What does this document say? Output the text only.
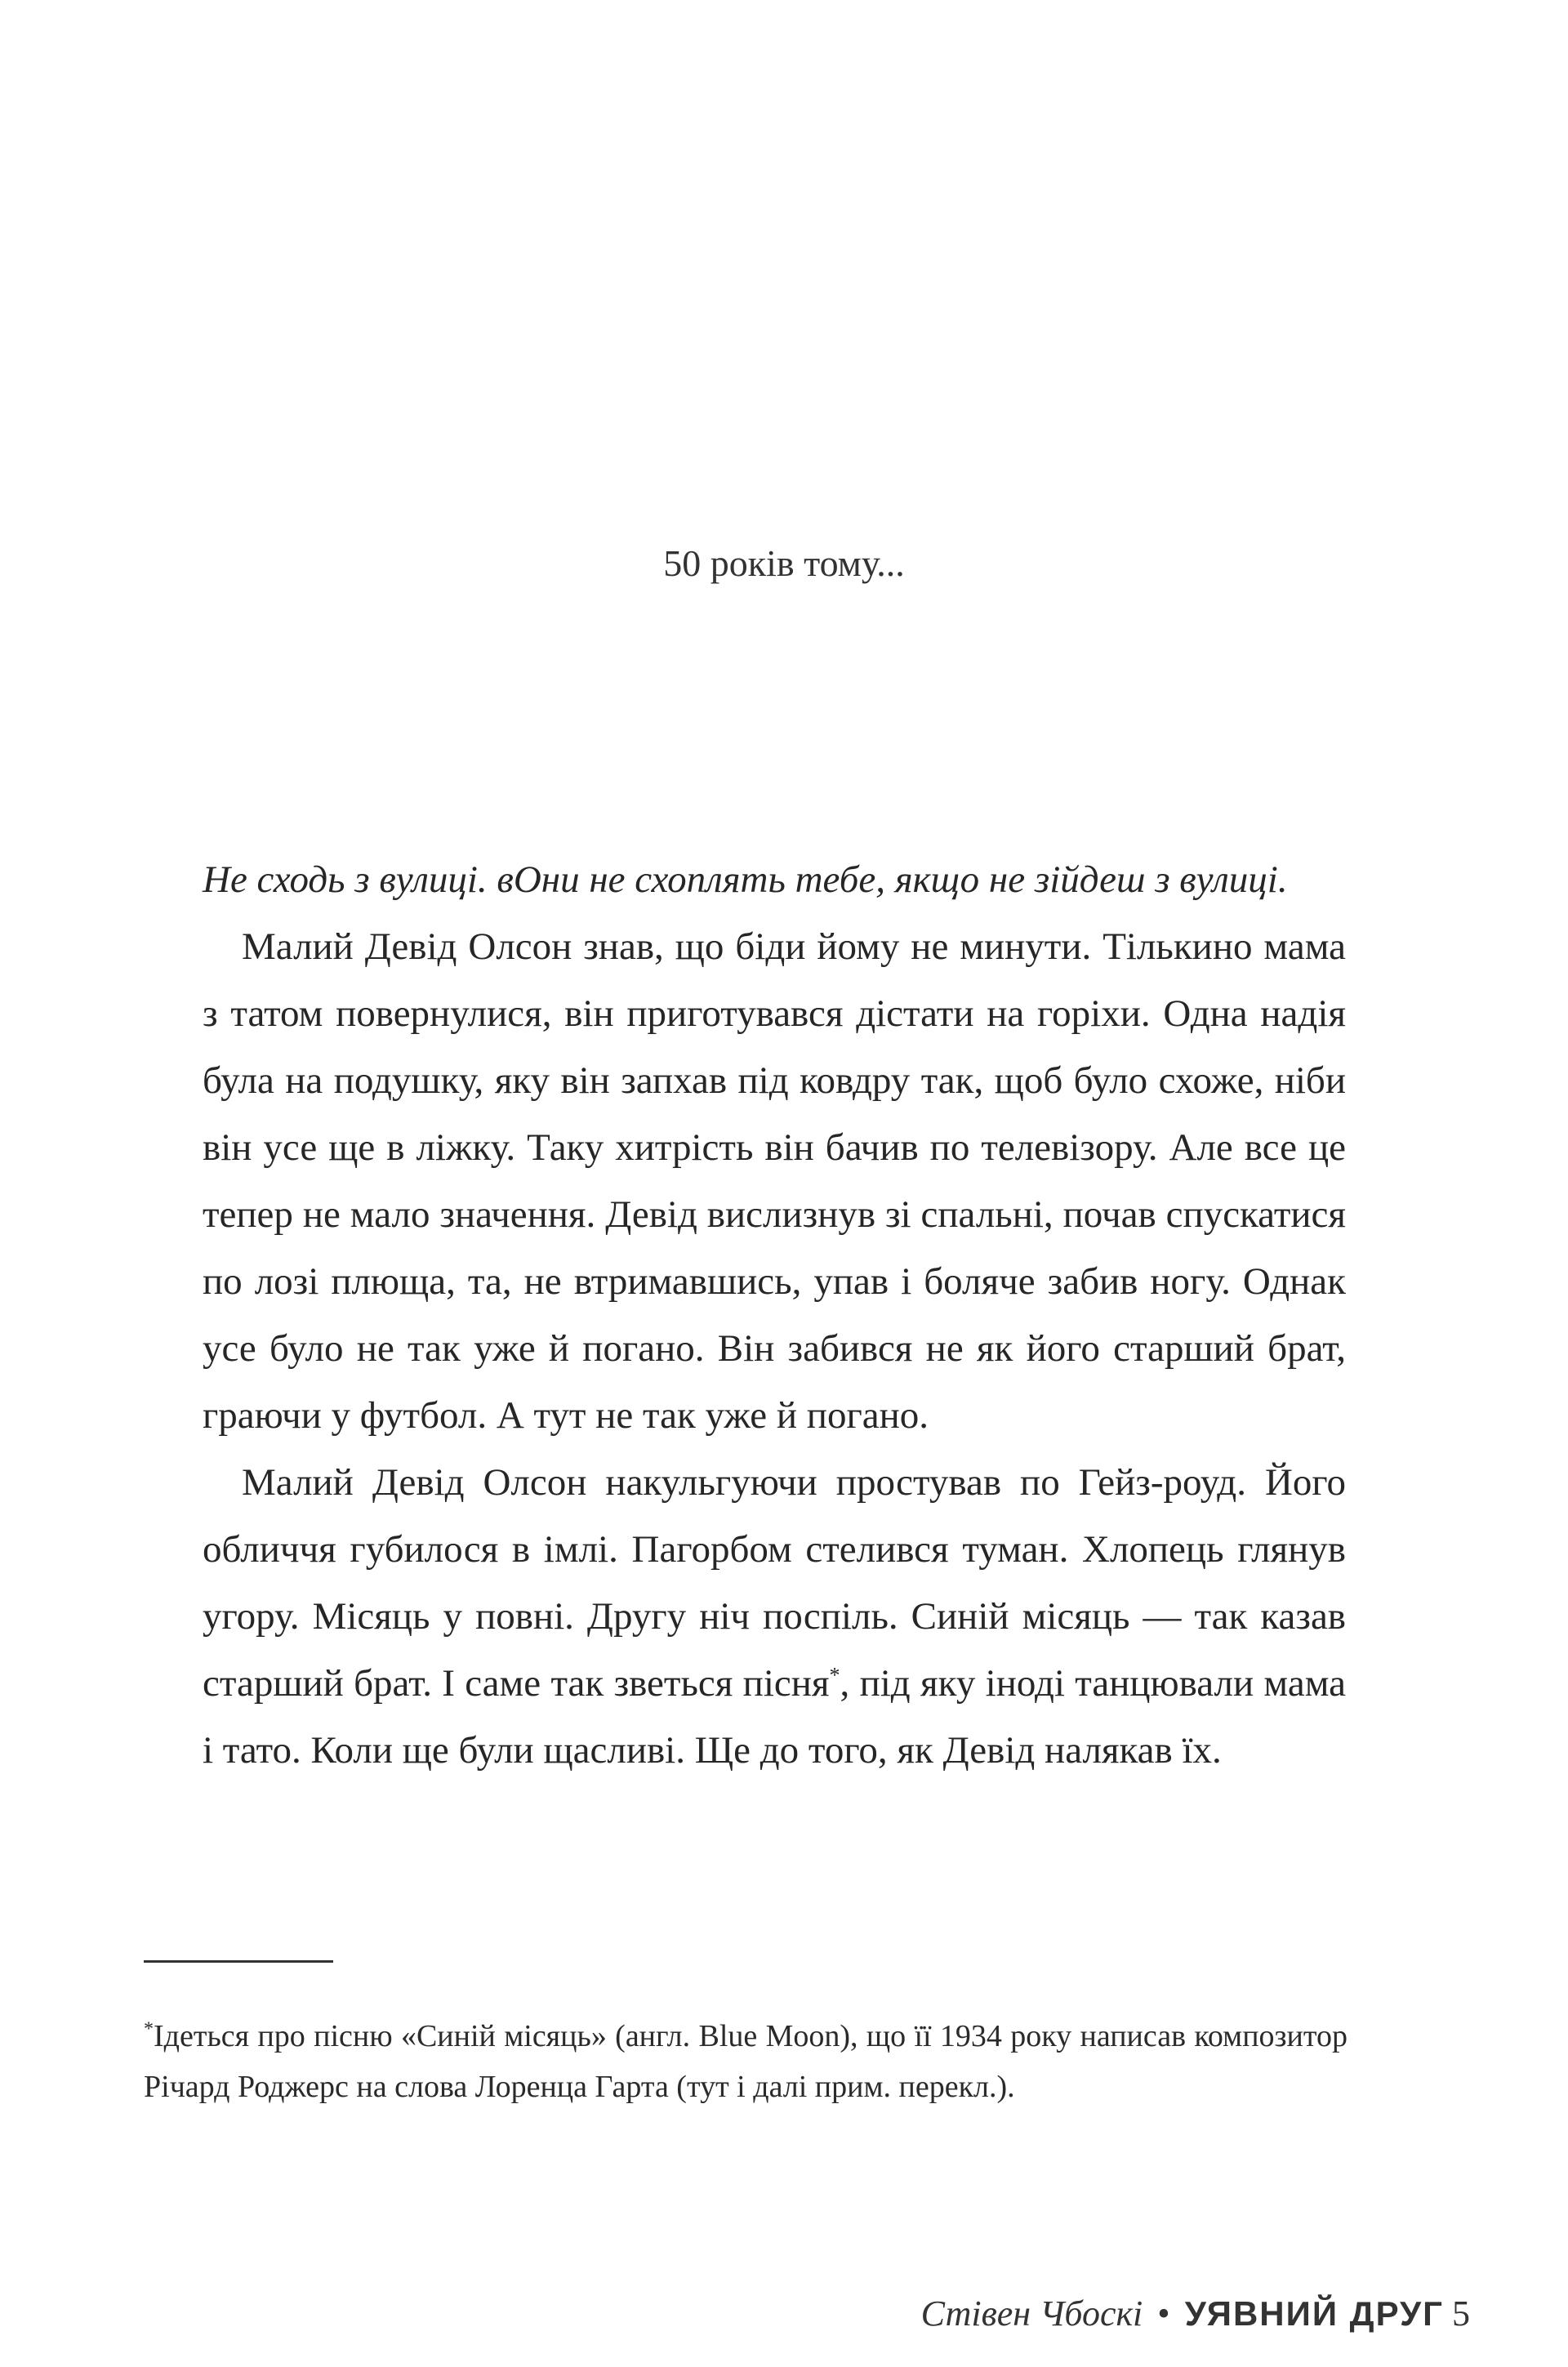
50 років тому...

Не сходь з вулиці. вОни не схоплять тебе, якщо не зійдеш з вулиці.

Малий Девід Олсон знав, що біди йому не минути. Тількино мама з татом повернулися, він приготувався дістати на горіхи. Одна надія була на подушку, яку він запхав під ковдру так, щоб було схоже, ніби він усе ще в ліжку. Таку хитрість він бачив по телевізору. Але все це тепер не мало значення. Девід вислизнув зі спальні, почав спускатися по лозі плюща, та, не втримавшись, упав і боляче забив ногу. Однак усе було не так уже й погано. Він забився не як його старший брат, граючи у футбол. А тут не так уже й погано.

Малий Девід Олсон накульгуючи простував по Гейз-роуд. Його обличчя губилося в імлі. Пагорбом стелився туман. Хлопець глянув угору. Місяць у повні. Другу ніч поспіль. Синій місяць — так казав старший брат. І саме так зветься пісня*, під яку іноді танцювали мама і тато. Коли ще були щасливі. Ще до того, як Девід налякав їх.

*Ідеться про пісню «Синій місяць» (англ. Blue Moon), що її 1934 року написав композитор Річард Роджерс на слова Лоренца Гарта (тут і далі прим. перекл.).
Стівен Чбоскі • УЯВНИЙ ДРУГ 5
